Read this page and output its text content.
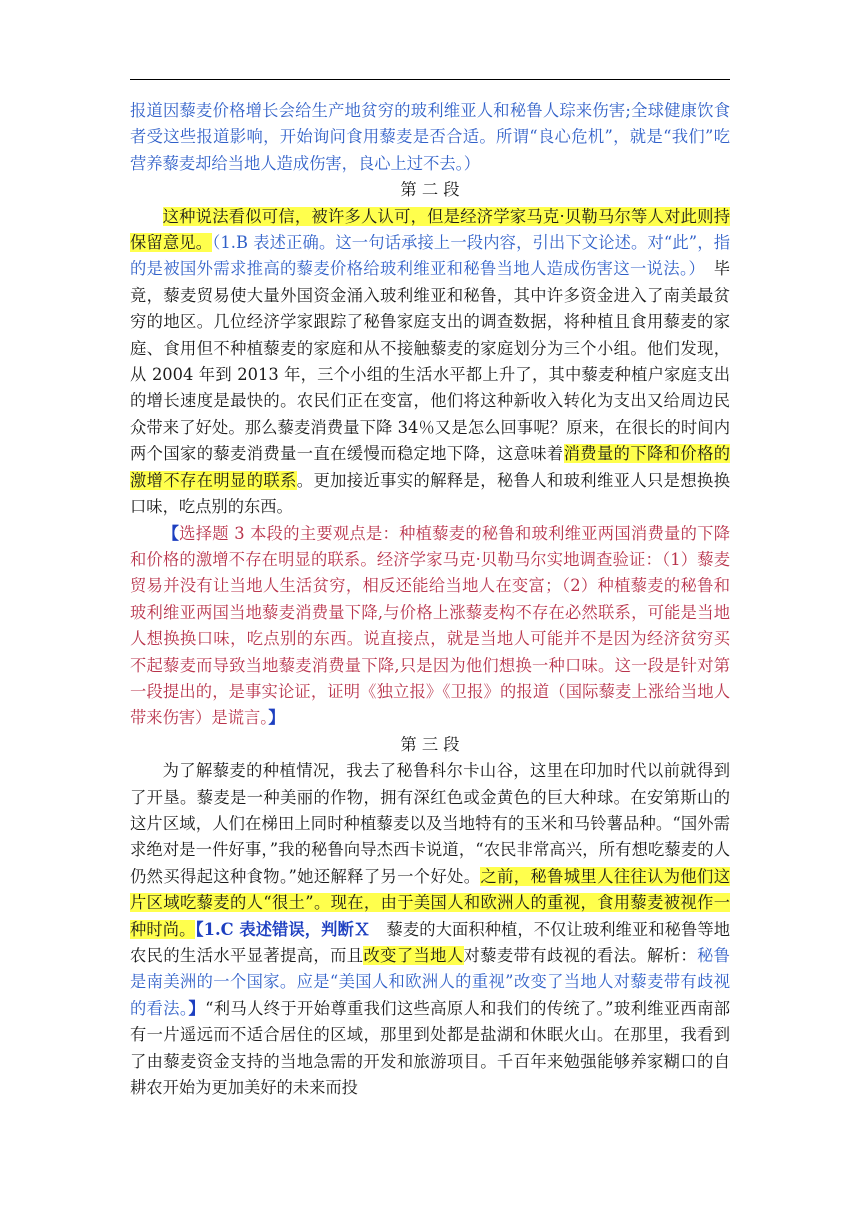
报道因藜麦价格增长会给生产地贫穷的玻利维亚人和秘鲁人琮来伤害;全球健康饮食者受这些报道影响，开始询问食用藜麦是否合适。所谓“良心危机”，就是“我们”吃营养藜麦却给当地人造成伤害，良心上过不去。）

第 二 段

这种说法看似可信，被许多人认可，但是经济学家马克·贝勒马尔等人对此则持保留意见。（1.B 表述正确。这一句话承接上一段内容，引出下文论述。对“此”，指的是被国外需求推高的藜麦价格给玻利维亚和秘鲁当地人造成伤害这一说法。）　毕竟，藜麦贸易使大量外国资金涌入玻利维亚和秘鲁，其中许多资金进入了南美最贫穷的地区。几位经济学家跟踪了秘鲁家庭支出的调查数据，将种植且食用藜麦的家庭、食用但不种植藜麦的家庭和从不接触藜麦的家庭划分为三个小组。他们发现，从 2004 年到 2013 年，三个小组的生活水平都上升了，其中藜麦种植户家庭支出的增长速度是最快的。农民们正在变富，他们将这种新收入转化为支出又给周边民众带来了好处。那么藜麦消费量下降 34％又是怎么回事呢？原来，在很长的时间内两个国家的藜麦消费量一直在缓慢而稳定地下降，这意味着消费量的下降和价格的激增不存在明显的联系。更加接近事实的解释是，秘鲁人和玻利维亚人只是想换换口味，吃点别的东西。

【选择题 3 本段的主要观点是：种植藜麦的秘鲁和玻利维亚两国消费量的下降和价格的激增不存在明显的联系。经济学家马克·贝勒马尔实地调查验证：（1）藜麦贸易并没有让当地人生活贫穷，相反还能给当地人在变富；（2）种植藜麦的秘鲁和玻利维亚两国当地藜麦消费量下降,与价格上涨藜麦构不存在必然联系，可能是当地人想换换口味，吃点别的东西。说直接点，就是当地人可能并不是因为经济贫穷买不起藜麦而导致当地藜麦消费量下降,只是因为他们想换一种口味。这一段是针对第一段提出的，是事实论证，证明《独立报》《卫报》的报道（国际藜麦上涨给当地人带来伤害）是谎言。】

第 三 段

为了解藜麦的种植情况，我去了秘鲁科尔卡山谷，这里在印加时代以前就得到了开垦。藜麦是一种美丽的作物，拥有深红色或金黄色的巨大种球。在安第斯山的这片区域，人们在梯田上同时种植藜麦以及当地特有的玉米和马铃薯品种。“国外需求绝对是一件好事，”我的秘鲁向导杰西卡说道，“农民非常高兴，所有想吃藜麦的人仍然买得起这种食物。”她还解释了另一个好处。之前，秘鲁城里人往往认为他们这片区域吃藜麦的人“很土”。现在，由于美国人和欧洲人的重视，食用藜麦被视作一种时尚。【1.C 表述错误，判断Ｘ　藜麦的大面积种植，不仅让玻利维亚和秘鲁等地农民的生活水平显著提高，而且改变了当地人对藜麦带有歧视的看法。解析：秘鲁是南美洲的一个国家。应是“美国人和欧洲人的重视”改变了当地人对藜麦带有歧视的看法。】“利马人终于开始尊重我们这些高原人和我们的传统了。”玻利维亚西南部有一片遥远而不适合居住的区域，那里到处都是盐湖和休眠火山。在那里，我看到了由藜麦资金支持的当地急需的开发和旅游项目。千百年来勉强能够养家糊口的自耕农开始为更加美好的未来而投
